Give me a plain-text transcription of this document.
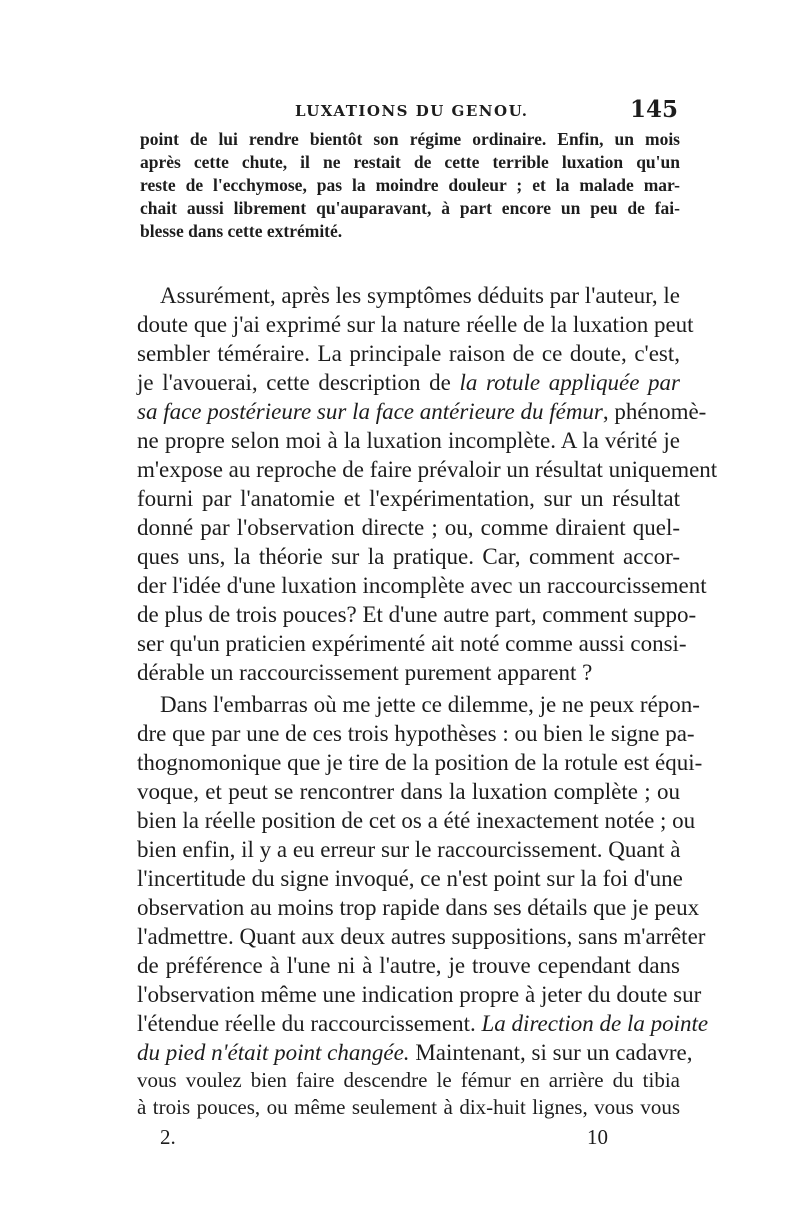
LUXATIONS DU GENOU.	145
point de lui rendre bientôt son régime ordinaire. Enfin, un mois
après cette chute, il ne restait de cette terrible luxation qu'un
reste de l'ecchymose, pas la moindre douleur ; et la malade mar-
chait aussi librement qu'auparavant, à part encore un peu de fai-
blesse dans cette extrémité.
Assurément, après les symptômes déduits par l'auteur, le
doute que j'ai exprimé sur la nature réelle de la luxation peut
sembler téméraire. La principale raison de ce doute, c'est,
je l'avouerai, cette description de la rotule appliquée par
sa face postérieure sur la face antérieure du fémur, phénomè-
ne propre selon moi à la luxation incomplète. A la vérité je
m'expose au reproche de faire prévaloir un résultat uniquement
fourni par l'anatomie et l'expérimentation, sur un résultat
donné par l'observation directe ; ou, comme diraient quel-
ques uns, la théorie sur la pratique. Car, comment accor-
der l'idée d'une luxation incomplète avec un raccourcissement
de plus de trois pouces? Et d'une autre part, comment suppo-
ser qu'un praticien expérimenté ait noté comme aussi consi-
dérable un raccourcissement purement apparent ?
Dans l'embarras où me jette ce dilemme, je ne peux répon-
dre que par une de ces trois hypothèses : ou bien le signe pa-
thognomonique que je tire de la position de la rotule est équi-
voque, et peut se rencontrer dans la luxation complète ; ou
bien la réelle position de cet os a été inexactement notée ; ou
bien enfin, il y a eu erreur sur le raccourcissement. Quant à
l'incertitude du signe invoqué, ce n'est point sur la foi d'une
observation au moins trop rapide dans ses détails que je peux
l'admettre. Quant aux deux autres suppositions, sans m'arrêter
de préférence à l'une ni à l'autre, je trouve cependant dans
l'observation même une indication propre à jeter du doute sur
l'étendue réelle du raccourcissement. La direction de la pointe
du pied n'était point changée. Maintenant, si sur un cadavre,
vous voulez bien faire descendre le fémur en arrière du tibia
à trois pouces, ou même seulement à dix-huit lignes, vous vous
2.	10
